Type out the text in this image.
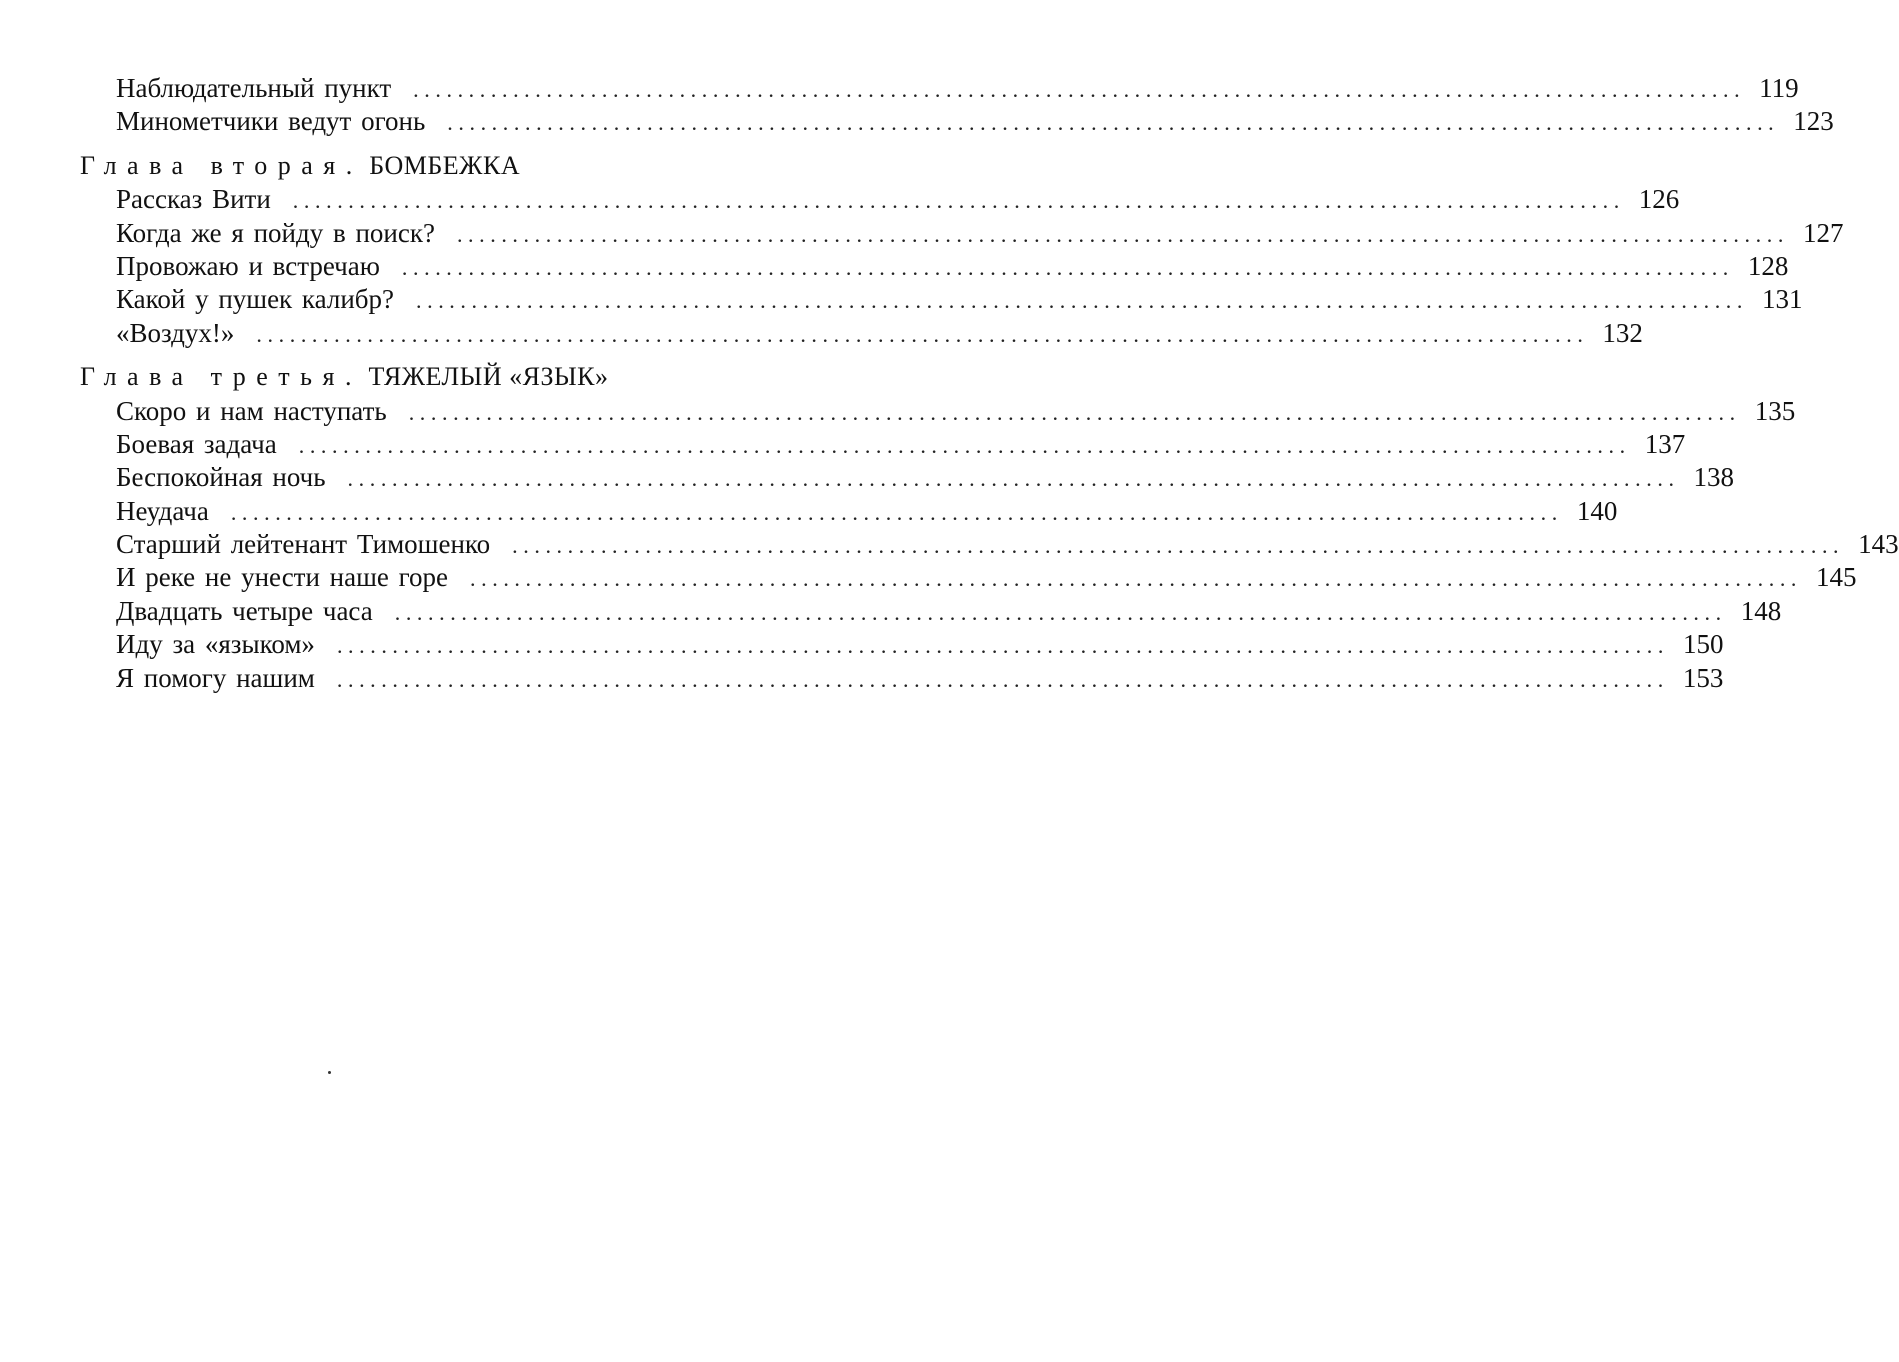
Наблюдательный пункт ........................................................................................................................ 119
Минометчики ведут огонь ........................................................................................................................ 123
Глава вторая. БОМБЕЖКА
Рассказ Вити ........................................................................................................................ 126
Когда же я пойду в поиск? ........................................................................................................................ 127
Провожаю и встречаю ........................................................................................................................ 128
Какой у пушек калибр? ........................................................................................................................ 131
«Воздух!» ........................................................................................................................ 132
Глава третья. ТЯЖЕЛЫЙ «ЯЗЫК»
Скоро и нам наступать ........................................................................................................................ 135
Боевая задача ........................................................................................................................ 137
Беспокойная ночь ........................................................................................................................ 138
Неудача ........................................................................................................................ 140
Старший лейтенант Тимошенко ........................................................................................................................ 143
И реке не унести наше горе ........................................................................................................................ 145
Двадцать четыре часа ........................................................................................................................ 148
Иду за «языком» ........................................................................................................................ 150
Я помогу нашим ........................................................................................................................ 153
